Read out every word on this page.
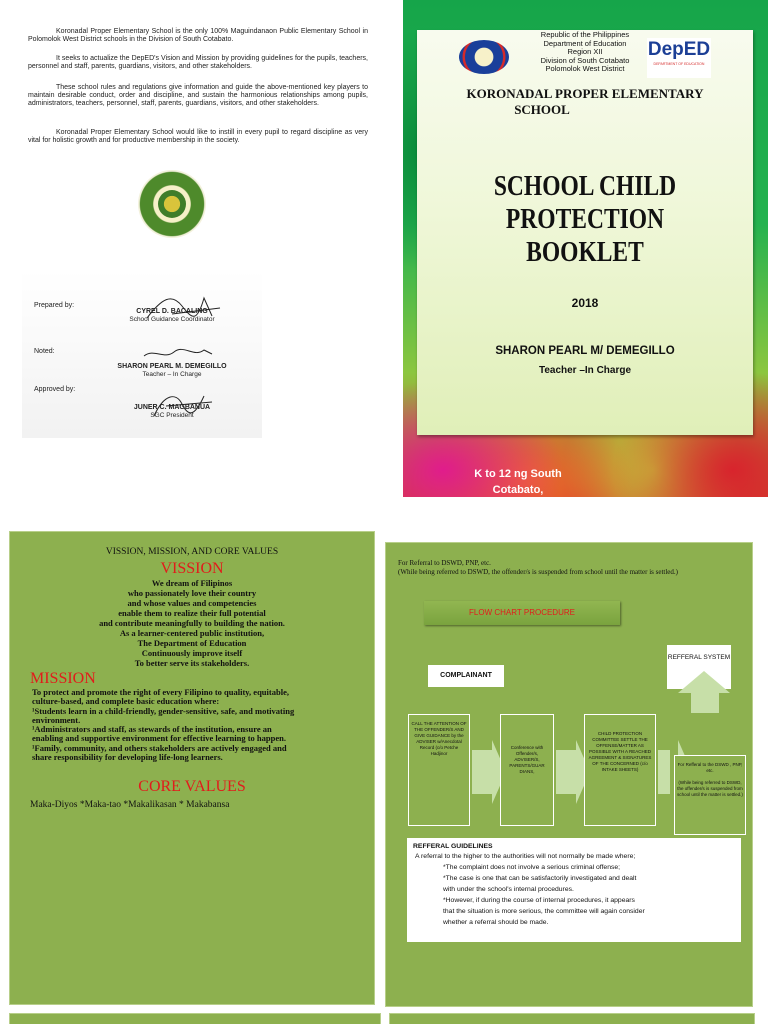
Koronadal Proper Elementary School is the only 100% Maguindanaon Public Elementary School in Polomolok West District schools in the Division of South Cotabato.

It seeks to actualize the DepED's Vision and Mission by providing guidelines for the pupils, teachers, personnel and staff, parents, guardians, visitors, and other stakeholders.

These school rules and regulations give information and guide the above-mentioned key players to maintain desirable conduct, order and discipline, and sustain the harmonious relationships among pupils, administrators, teachers, personnel, staff, parents, guardians, visitors, and other stakeholders.

Koronadal Proper Elementary School would like to instill in every pupil to regard discipline as very vital for holistic growth and for productive membership in the society.

Prepared by:
CYREL D. BACALING
School Guidance Coordinator
Noted:
SHARON PEARL M. DEMEGILLO
Teacher – In Charge
Approved by:
JUNER C. MAGBANUA
SGC President
Republic of the Philippines
Department of Education
Region XII
Division of South Cotabato
Polomolok West District
DepED
DEPARTMENT OF EDUCATION
KORONADAL PROPER ELEMENTARY
SCHOOL
SCHOOL CHILD
PROTECTION
BOOKLET
2018
SHARON PEARL M/ DEMEGILLO
Teacher –In Charge
K to 12 ng South
Cotabato,
VISSION, MISSION, AND CORE VALUES
VISSION
We dream of Filipinos
who passionately love their country
and whose values and competencies
enable them to realize their full potential
and contribute meaningfully to building the nation.
As a learner-centered public institution,
The Department of Education
Continuously improve itself
To better serve its stakeholders.
MISSION
To protect and promote the right of every Filipino to quality, equitable,
culture-based, and complete basic education where:
¹Students learn in a child-friendly, gender-sensitive, safe, and motivating
environment.
¹Administrators and staff, as stewards of the institution, ensure an
enabling and supportive environment for effective learning to happen.
¹Family, community, and others stakeholders are actively engaged and
share responsibility for developing life-long learners.
CORE VALUES
Maka-Diyos *Maka-tao *Makalikasan * Makabansa
For Referral to DSWD, PNP, etc.
(While being referred to DSWD, the offender/s is suspended from school until the matter is settled.)
FLOW CHART PROCEDURE
COMPLAINANT
REFFERAL SYSTEM
CALL THE ATTENTION OF THE OFFENDER/S AND GIVE GUIDANCE by the ADVISER w/Anecdotal Record (c/o Petche Hadjinor
Conference with Offender/s, ADVISER/S, PARENTS/GUAR DIANS,
CHILD PROTECTION COMMITTEE SETTLE THE OFFENSE/MATTER AS POSSIBLE WITH A REACHED AGREEMENT & SIGNATURES OF THE CONCERNED (c/o INTAKE SHEETS)
For Refferal to the DSWD , PNP, etc.
(While being referred to DSWD, the offender/s is suspended from school until the matter is settled.)
REFFERAL GUIDELINES
A referral to the higher to the authorities will not normally be made where;
*The complaint does not involve a serious criminal offense;
*The case is one that can be satisfactorily investigated and dealt
with under the school's internal procedures.
*However, if during the course of internal procedures, it appears
that the situation is more serious, the committee will again consider
whether a referral should be made.
